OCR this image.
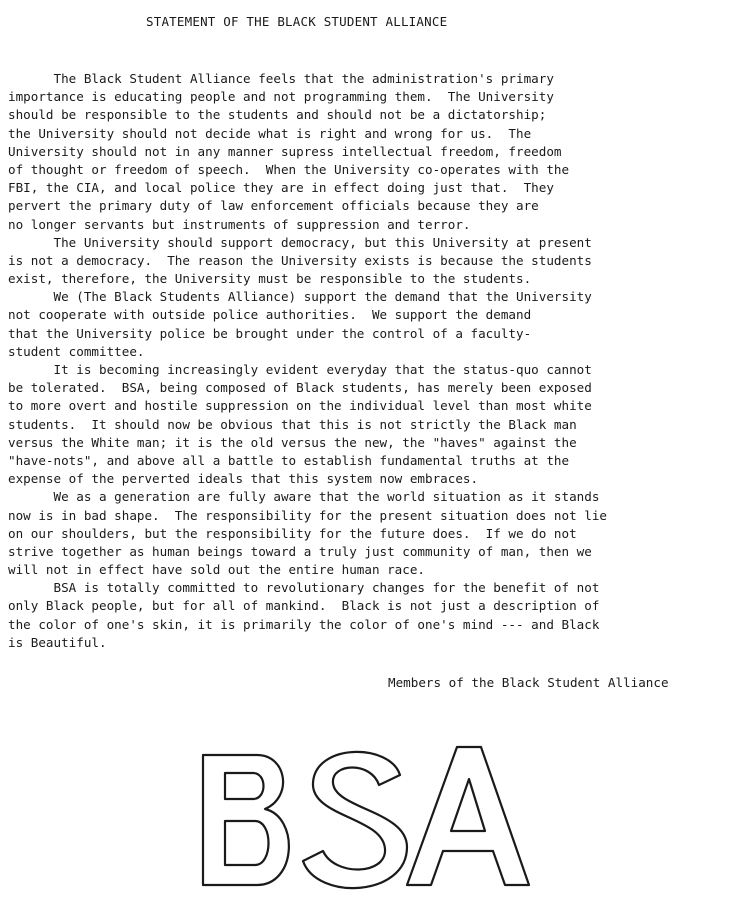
STATEMENT OF THE BLACK STUDENT ALLIANCE
The Black Student Alliance feels that the administration's primary
importance is educating people and not programming them.  The University
should be responsible to the students and should not be a dictatorship;
the University should not decide what is right and wrong for us.  The
University should not in any manner supress intellectual freedom, freedom
of thought or freedom of speech.  When the University co-operates with the
FBI, the CIA, and local police they are in effect doing just that.  They
pervert the primary duty of law enforcement officials because they are
no longer servants but instruments of suppression and terror.
The University should support democracy, but this University at present
is not a democracy.  The reason the University exists is because the students
exist, therefore, the University must be responsible to the students.
We (The Black Students Alliance) support the demand that the University
not cooperate with outside police authorities.  We support the demand
that the University police be brought under the control of a faculty-
student committee.
It is becoming increasingly evident everyday that the status-quo cannot
be tolerated.  BSA, being composed of Black students, has merely been exposed
to more overt and hostile suppression on the individual level than most white
students.  It should now be obvious that this is not strictly the Black man
versus the White man; it is the old versus the new, the "haves" against the
"have-nots", and above all a battle to establish fundamental truths at the
expense of the perverted ideals that this system now embraces.
We as a generation are fully aware that the world situation as it stands
now is in bad shape.  The responsibility for the present situation does not lie
on our shoulders, but the responsibility for the future does.  If we do not
strive together as human beings toward a truly just community of man, then we
will not in effect have sold out the entire human race.
BSA is totally committed to revolutionary changes for the benefit of not
only Black people, but for all of mankind.  Black is not just a description of
the color of one's skin, it is primarily the color of one's mind --- and Black
is Beautiful.
Members of the Black Student Alliance
